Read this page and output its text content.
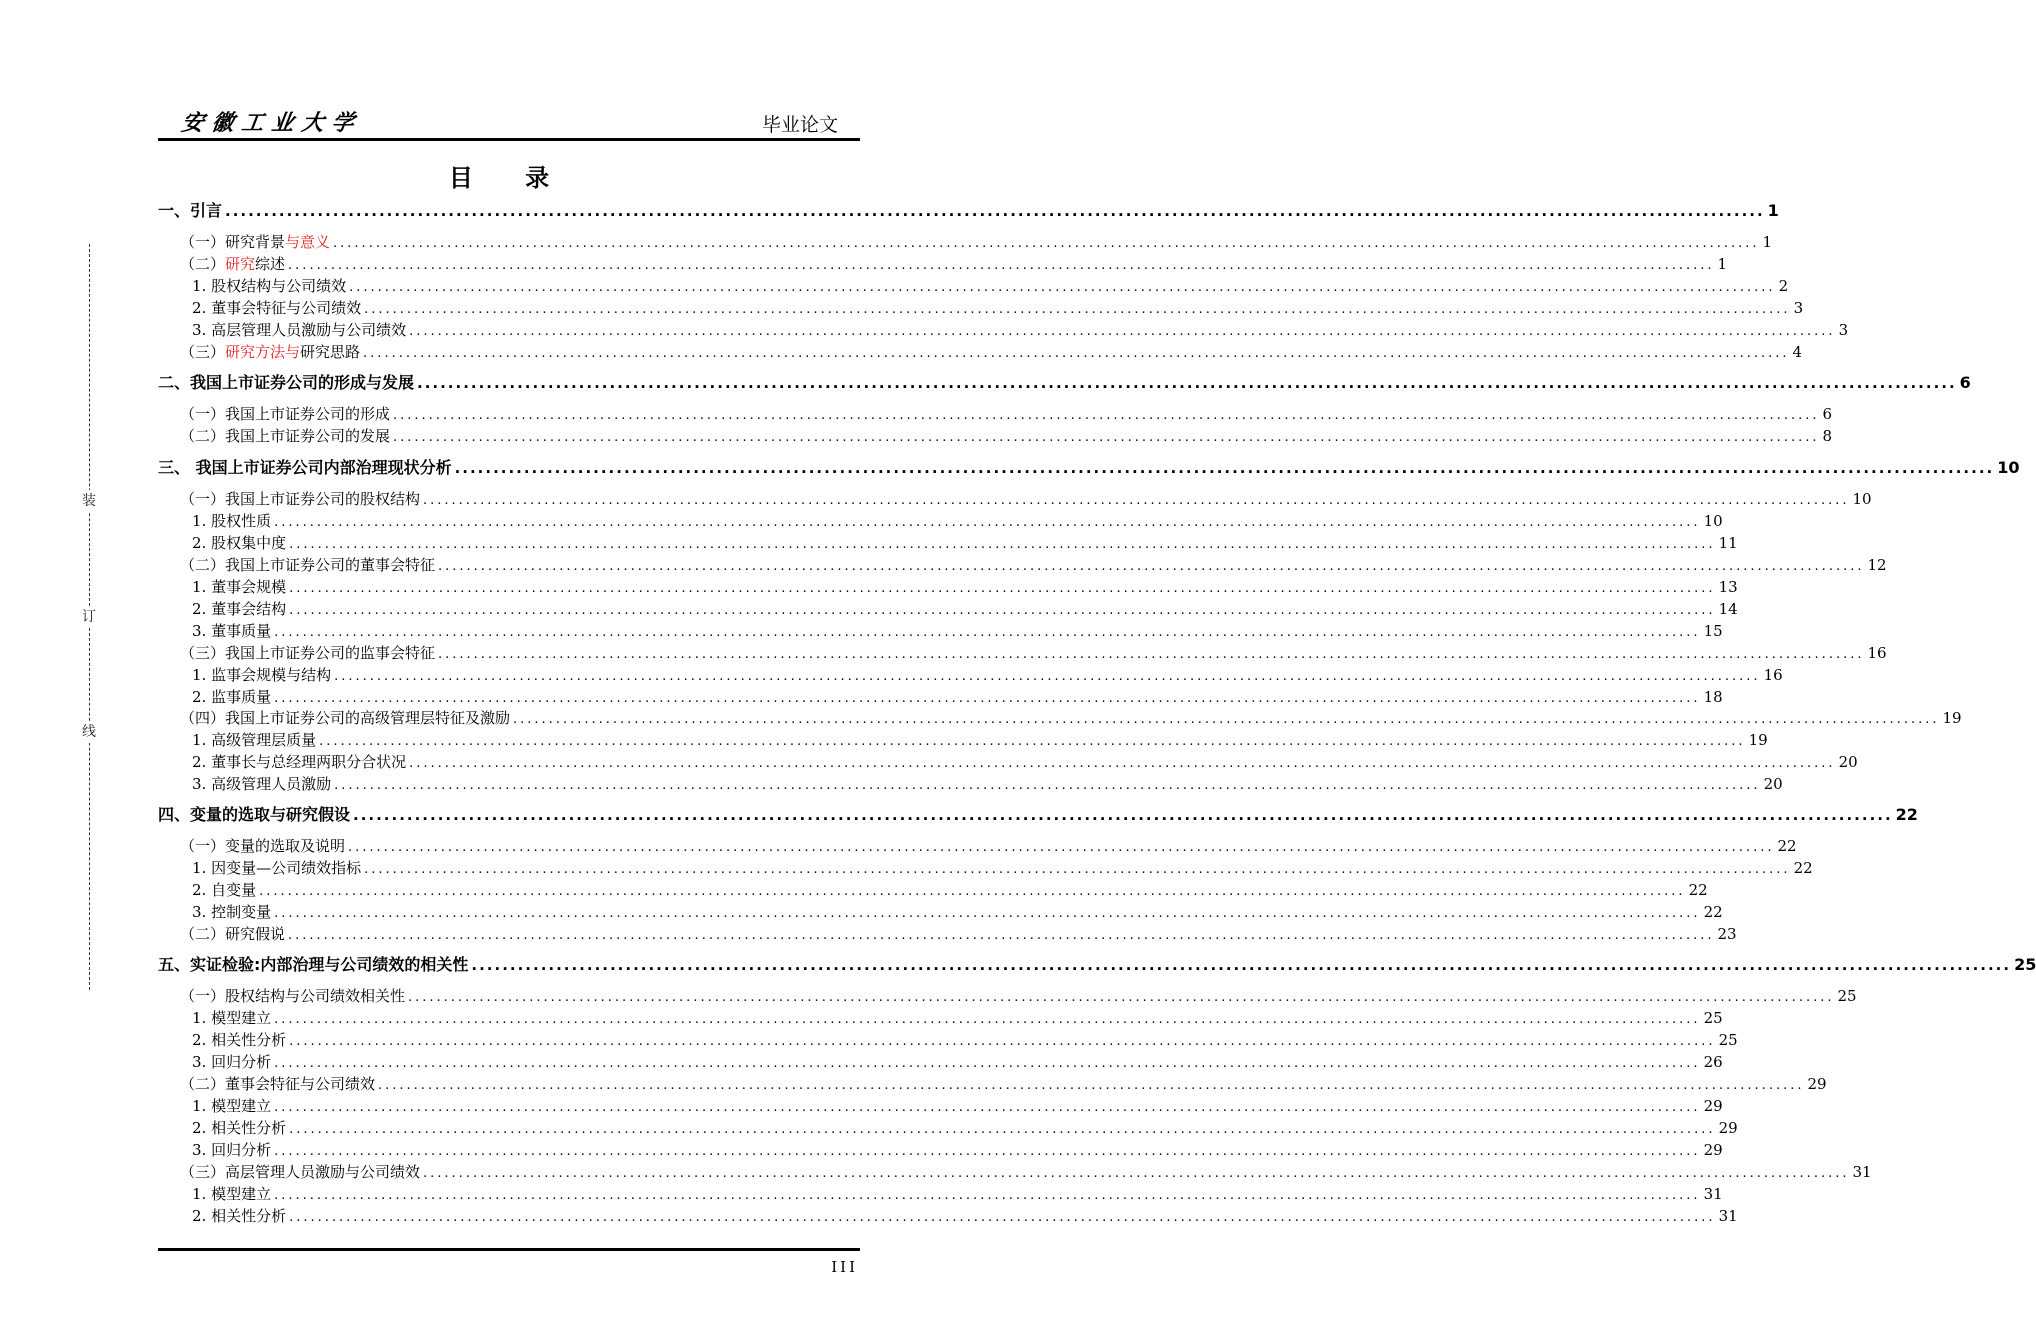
安徽工业大学	毕业论文
目 录
装
订
线
一、引言 ........................................................................................................................................................................................................ 1
（一）研究背景与意义 ........................................................................................................................................................................................................ 1
（二）研究综述 ........................................................................................................................................................................................................ 1
1. 股权结构与公司绩效 ........................................................................................................................................................................................................ 2
2. 董事会特征与公司绩效 ........................................................................................................................................................................................................ 3
3. 高层管理人员激励与公司绩效 ........................................................................................................................................................................................................ 3
（三）研究方法与研究思路 ........................................................................................................................................................................................................ 4
二、我国上市证券公司的形成与发展 ........................................................................................................................................................................................................ 6
（一）我国上市证券公司的形成 ........................................................................................................................................................................................................ 6
（二）我国上市证券公司的发展 ........................................................................................................................................................................................................ 8
三、 我国上市证券公司内部治理现状分析 ........................................................................................................................................................................................................ 10
（一）我国上市证券公司的股权结构 ........................................................................................................................................................................................................ 10
1. 股权性质 ........................................................................................................................................................................................................ 10
2. 股权集中度 ........................................................................................................................................................................................................ 11
（二）我国上市证券公司的董事会特征 ........................................................................................................................................................................................................ 12
1. 董事会规模 ........................................................................................................................................................................................................ 13
2. 董事会结构 ........................................................................................................................................................................................................ 14
3. 董事质量 ........................................................................................................................................................................................................ 15
（三）我国上市证券公司的监事会特征 ........................................................................................................................................................................................................ 16
1. 监事会规模与结构 ........................................................................................................................................................................................................ 16
2. 监事质量 ........................................................................................................................................................................................................ 18
（四）我国上市证券公司的高级管理层特征及激励 ........................................................................................................................................................................................................ 19
1. 高级管理层质量 ........................................................................................................................................................................................................ 19
2. 董事长与总经理两职分合状况 ........................................................................................................................................................................................................ 20
3. 高级管理人员激励 ........................................................................................................................................................................................................ 20
四、变量的选取与研究假设 ........................................................................................................................................................................................................ 22
（一）变量的选取及说明 ........................................................................................................................................................................................................ 22
1. 因变量—公司绩效指标 ........................................................................................................................................................................................................ 22
2. 自变量 ........................................................................................................................................................................................................ 22
3. 控制变量 ........................................................................................................................................................................................................ 22
（二）研究假说 ........................................................................................................................................................................................................ 23
五、实证检验:内部治理与公司绩效的相关性 ........................................................................................................................................................................................................ 25
（一）股权结构与公司绩效相关性 ........................................................................................................................................................................................................ 25
1. 模型建立 ........................................................................................................................................................................................................ 25
2. 相关性分析 ........................................................................................................................................................................................................ 25
3. 回归分析 ........................................................................................................................................................................................................ 26
（二）董事会特征与公司绩效 ........................................................................................................................................................................................................ 29
1. 模型建立 ........................................................................................................................................................................................................ 29
2. 相关性分析 ........................................................................................................................................................................................................ 29
3. 回归分析 ........................................................................................................................................................................................................ 29
（三）高层管理人员激励与公司绩效 ........................................................................................................................................................................................................ 31
1. 模型建立 ........................................................................................................................................................................................................ 31
2. 相关性分析 ........................................................................................................................................................................................................ 31
III
